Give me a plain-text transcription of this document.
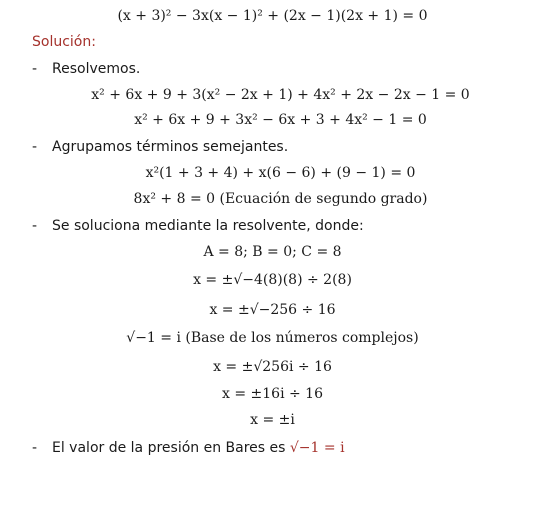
(x + 3)² − 3x(x − 1)² + (2x − 1)(2x + 1) = 0
Solución:
- Resolvemos.
x² + 6x + 9 + 3(x² − 2x + 1) + 4x² + 2x − 2x − 1 = 0
x² + 6x + 9 + 3x² − 6x + 3 + 4x² − 1 = 0
- Agrupamos términos semejantes.
x²(1 + 3 + 4) + x(6 − 6) + (9 − 1) = 0
8x² + 8 = 0 (Ecuación de segundo grado)
- Se soluciona mediante la resolvente, donde:
A = 8; B = 0; C = 8
x = ±√−4(8)(8) ÷ 2(8)
x = ±√−256 ÷ 16
√−1 = i (Base de los números complejos)
x = ±√256i ÷ 16
x = ±16i ÷ 16
x = ±i
- El valor de la presión en Bares es √−1 = i
